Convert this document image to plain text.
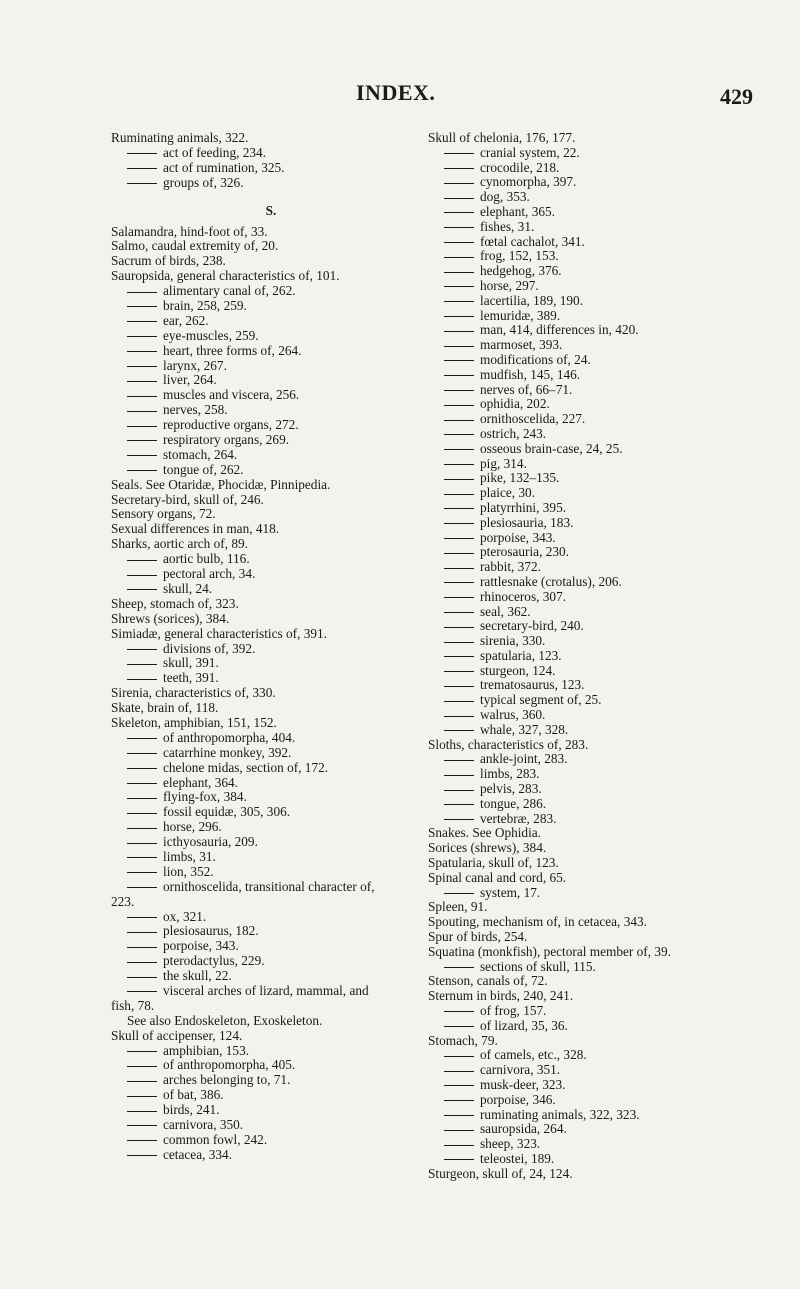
INDEX.	429
Ruminating animals, 322.
act of feeding, 234.
act of rumination, 325.
groups of, 326.
S.
Salamandra, hind-foot of, 33.
Salmo, caudal extremity of, 20.
Sacrum of birds, 238.
Sauropsida, general characteristics of, 101.
alimentary canal of, 262.
brain, 258, 259.
ear, 262.
eye-muscles, 259.
heart, three forms of, 264.
larynx, 267.
liver, 264.
muscles and viscera, 256.
nerves, 258.
reproductive organs, 272.
respiratory organs, 269.
stomach, 264.
tongue of, 262.
Seals. See Otaridæ, Phocidæ, Pinnipedia.
Secretary-bird, skull of, 246.
Sensory organs, 72.
Sexual differences in man, 418.
Sharks, aortic arch of, 89.
aortic bulb, 116.
pectoral arch, 34.
skull, 24.
Sheep, stomach of, 323.
Shrews (sorices), 384.
Simiadæ, general characteristics of, 391.
divisions of, 392.
skull, 391.
teeth, 391.
Sirenia, characteristics of, 330.
Skate, brain of, 118.
Skeleton, amphibian, 151, 152.
of anthropomorpha, 404.
catarrhine monkey, 392.
chelone midas, section of, 172.
elephant, 364.
flying-fox, 384.
fossil equidæ, 305, 306.
horse, 296.
icthyosauria, 209.
limbs, 31.
lion, 352.
ornithoscelida, transitional character of,
223.
ox, 321.
plesiosaurus, 182.
porpoise, 343.
pterodactylus, 229.
the skull, 22.
visceral arches of lizard, mammal, and
fish, 78.
See also Endoskeleton, Exoskeleton.
Skull of accipenser, 124.
amphibian, 153.
of anthropomorpha, 405.
arches belonging to, 71.
of bat, 386.
birds, 241.
carnivora, 350.
common fowl, 242.
cetacea, 334.
Skull of chelonia, 176, 177.
cranial system, 22.
crocodile, 218.
cynomorpha, 397.
dog, 353.
elephant, 365.
fishes, 31.
fœtal cachalot, 341.
frog, 152, 153.
hedgehog, 376.
horse, 297.
lacertilia, 189, 190.
lemuridæ, 389.
man, 414, differences in, 420.
marmoset, 393.
modifications of, 24.
mudfish, 145, 146.
nerves of, 66–71.
ophidia, 202.
ornithoscelida, 227.
ostrich, 243.
osseous brain-case, 24, 25.
pig, 314.
pike, 132–135.
plaice, 30.
platyrrhini, 395.
plesiosauria, 183.
porpoise, 343.
pterosauria, 230.
rabbit, 372.
rattlesnake (crotalus), 206.
rhinoceros, 307.
seal, 362.
secretary-bird, 240.
sirenia, 330.
spatularia, 123.
sturgeon, 124.
trematosaurus, 123.
typical segment of, 25.
walrus, 360.
whale, 327, 328.
Sloths, characteristics of, 283.
ankle-joint, 283.
limbs, 283.
pelvis, 283.
tongue, 286.
vertebræ, 283.
Snakes. See Ophidia.
Sorices (shrews), 384.
Spatularia, skull of, 123.
Spinal canal and cord, 65.
system, 17.
Spleen, 91.
Spouting, mechanism of, in cetacea, 343.
Spur of birds, 254.
Squatina (monkfish), pectoral member of, 39.
sections of skull, 115.
Stenson, canals of, 72.
Sternum in birds, 240, 241.
of frog, 157.
of lizard, 35, 36.
Stomach, 79.
of camels, etc., 328.
carnivora, 351.
musk-deer, 323.
porpoise, 346.
ruminating animals, 322, 323.
sauropsida, 264.
sheep, 323.
teleostei, 189.
Sturgeon, skull of, 24, 124.
